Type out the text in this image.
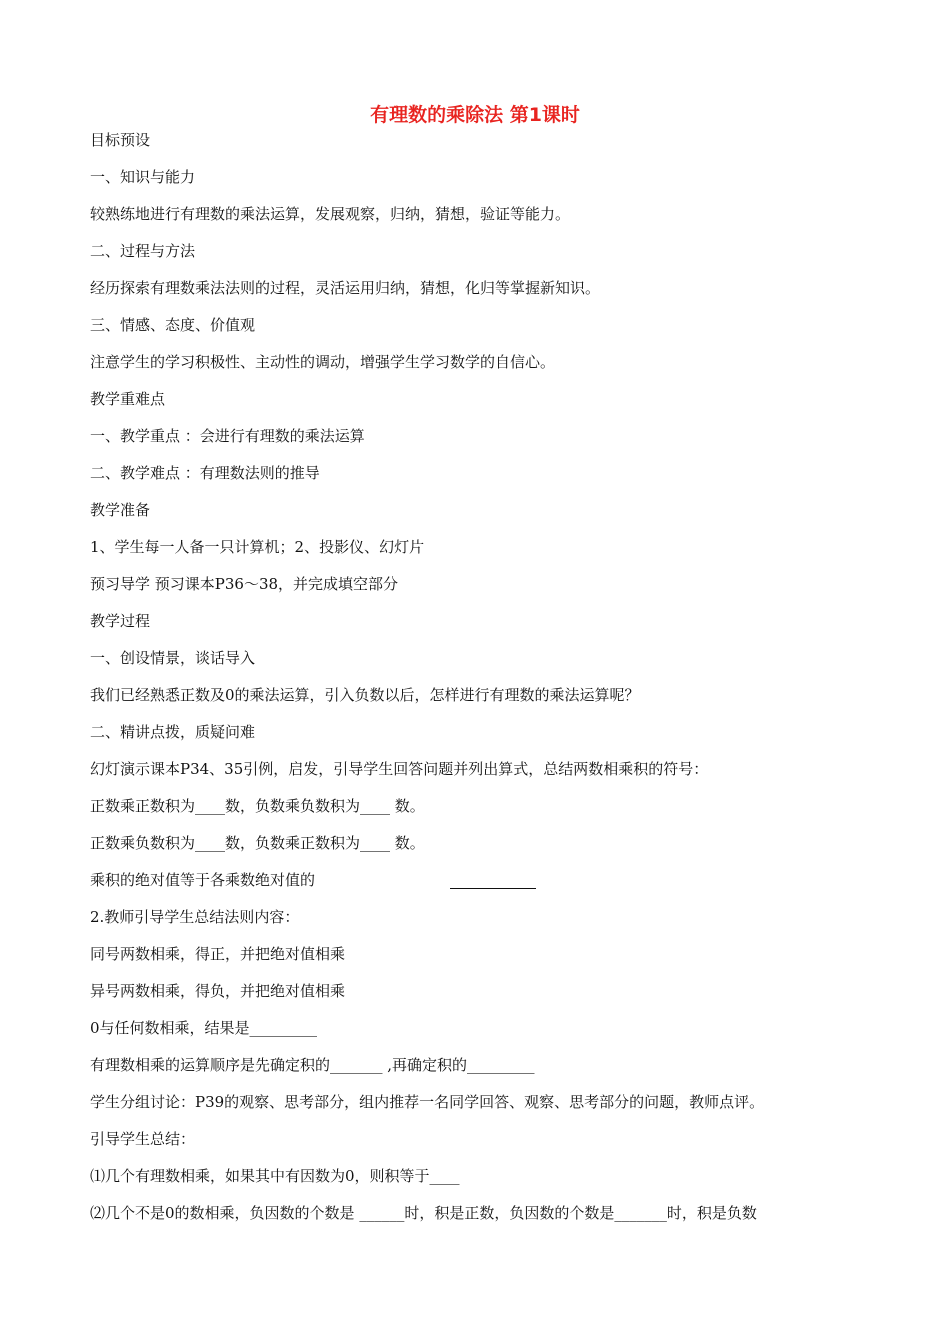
有理数的乘除法 第1课时
目标预设
一、知识与能力
较熟练地进行有理数的乘法运算，发展观察，归纳，猜想，验证等能力。
二、过程与方法
经历探索有理数乘法法则的过程，灵活运用归纳，猜想，化归等掌握新知识。
三、情感、态度、价值观
注意学生的学习积极性、主动性的调动，增强学生学习数学的自信心。
教学重难点
一、教学重点 ：会进行有理数的乘法运算
二、教学难点 ：有理数法则的推导
教学准备
1、学生每一人备一只计算机；2、投影仪、幻灯片
预习导学 预习课本P36～38，并完成填空部分
教学过程
一、创设情景，谈话导入
我们已经熟悉正数及0的乘法运算，引入负数以后，怎样进行有理数的乘法运算呢？
二、精讲点拨，质疑问难
幻灯演示课本P34、35引例，启发，引导学生回答问题并列出算式，总结两数相乘积的符号：
正数乘正数积为____数，负数乘负数积为____ 数。
正数乘负数积为____数，负数乘正数积为____ 数。
乘积的绝对值等于各乘数绝对值的
2.教师引导学生总结法则内容：
同号两数相乘，得正，并把绝对值相乘
异号两数相乘，得负，并把绝对值相乘
0与任何数相乘，结果是_________
有理数相乘的运算顺序是先确定积的_______ ,再确定积的_________
学生分组讨论：P39的观察、思考部分，组内推荐一名同学回答、观察、思考部分的问题，教师点评。
引导学生总结：
⑴几个有理数相乘，如果其中有因数为0，则积等于____
⑵几个不是0的数相乘，负因数的个数是 ______时，积是正数，负因数的个数是_______时，积是负数
